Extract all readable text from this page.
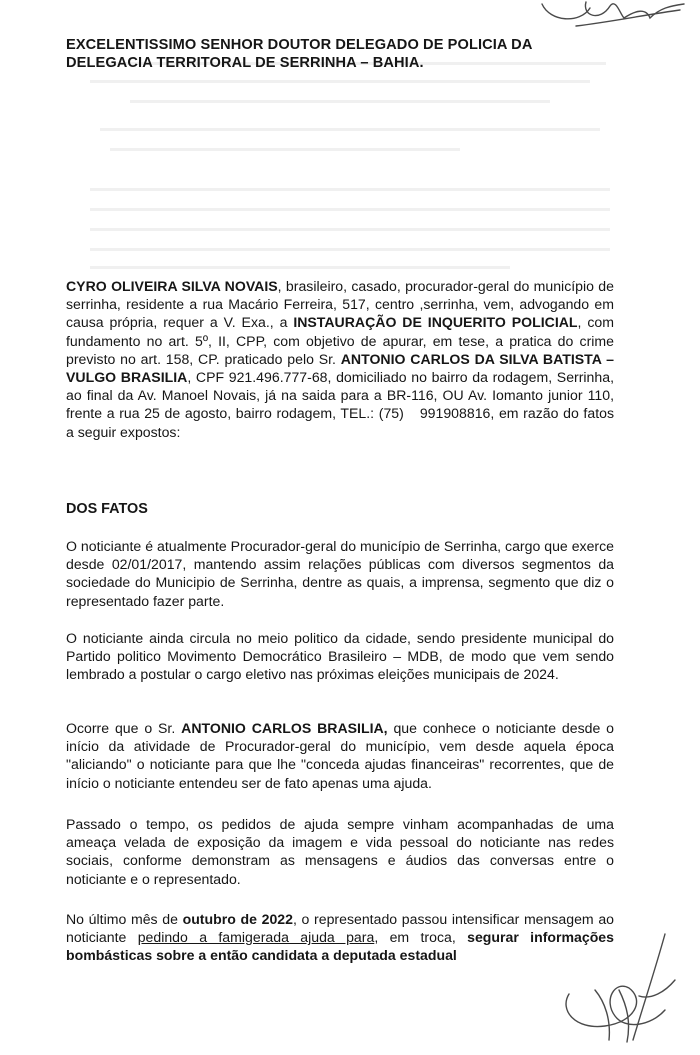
EXCELENTISSIMO SENHOR DOUTOR DELEGADO DE POLICIA DA DELEGACIA TERRITORAL DE SERRINHA – BAHIA.

CYRO OLIVEIRA SILVA NOVAIS, brasileiro, casado, procurador-geral do município de serrinha, residente a rua Macário Ferreira, 517, centro ,serrinha, vem, advogando em causa própria, requer a V. Exa., a INSTAURAÇÃO DE INQUERITO POLICIAL, com fundamento no art. 5º, II, CPP, com objetivo de apurar, em tese, a pratica do crime previsto no art. 158, CP. praticado pelo Sr. ANTONIO CARLOS DA SILVA BATISTA – VULGO BRASILIA, CPF 921.496.777-68, domiciliado no bairro da rodagem, Serrinha, ao final da Av. Manoel Novais, já na saida para a BR-116, OU Av. Iomanto junior 110, frente a rua 25 de agosto, bairro rodagem, TEL.: (75) 991908816, em razão do fatos a seguir expostos:

DOS FATOS

O noticiante é atualmente Procurador-geral do município de Serrinha, cargo que exerce desde 02/01/2017, mantendo assim relações públicas com diversos segmentos da sociedade do Municipio de Serrinha, dentre as quais, a imprensa, segmento que diz o representado fazer parte.

O noticiante ainda circula no meio politico da cidade, sendo presidente municipal do Partido politico Movimento Democrático Brasileiro – MDB, de modo que vem sendo lembrado a postular o cargo eletivo nas próximas eleições municipais de 2024.

Ocorre que o Sr. ANTONIO CARLOS BRASILIA, que conhece o noticiante desde o início da atividade de Procurador-geral do município, vem desde aquela época "aliciando" o noticiante para que lhe "conceda ajudas financeiras" recorrentes, que de início o noticiante entendeu ser de fato apenas uma ajuda.

Passado o tempo, os pedidos de ajuda sempre vinham acompanhadas de uma ameaça velada de exposição da imagem e vida pessoal do noticiante nas redes sociais, conforme demonstram as mensagens e áudios das conversas entre o noticiante e o representado.

No último mês de outubro de 2022, o representado passou intensificar mensagem ao noticiante pedindo a famigerada ajuda para, em troca, segurar informações bombásticas sobre a então candidata a deputada estadual
